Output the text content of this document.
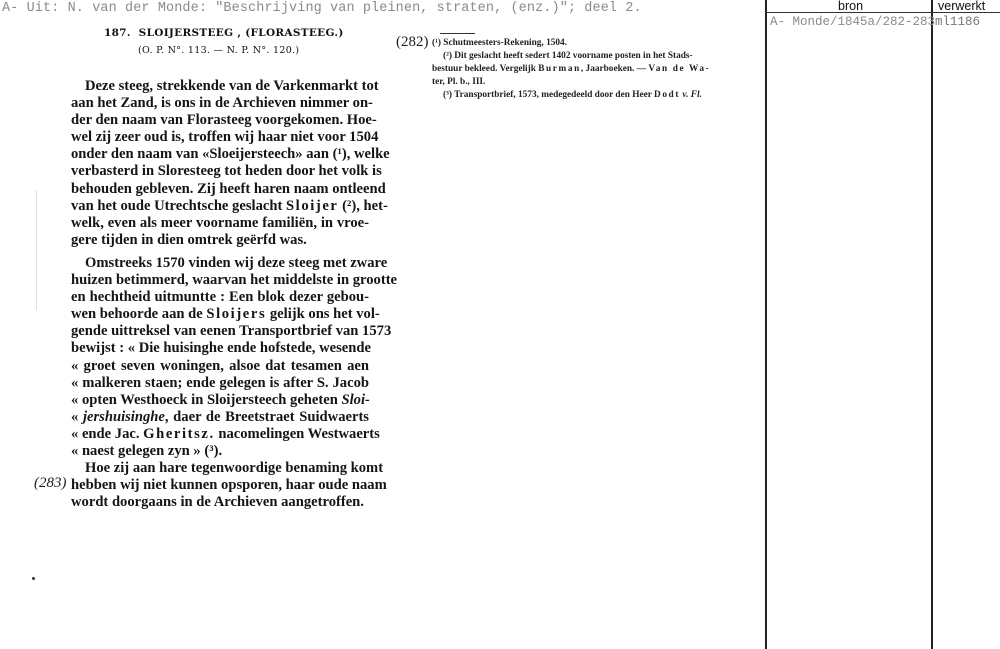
A- Uit: N. van der Monde: "Beschrijving van pleinen, straten, (enz.)"; deel 2.	bron	verwerkt
A- Monde/1845a/282-283 ml1186
187.  SLOIJERSTEEG , (FLORASTEEG.)
(O. P. N°. 113. — N. P. N°. 120.)
(282)
(283)
Deze steeg, strekkende van de Varkenmarkt tot
aan het Zand, is ons in de Archieven nimmer on-
der den naam van Florasteeg voorgekomen. Hoe-
wel zij zeer oud is, troffen wij haar niet voor 1504
onder den naam van «Sloeijersteech» aan (¹), welke
verbasterd in Sloresteeg tot heden door het volk is
behouden gebleven. Zij heeft haren naam ontleend
van het oude Utrechtsche geslacht Sloijer (²), het-
welk, even als meer voorname familiën, in vroe-
gere tijden in dien omtrek geërfd was.
Omstreeks 1570 vinden wij deze steeg met zware
huizen betimmerd, waarvan het middelste in grootte
en hechtheid uitmuntte : Een blok dezer gebou-
wen behoorde aan de Sloijers gelijk ons het vol-
gende uittreksel van eenen Transportbrief van 1573
bewijst : « Die huisinghe ende hofstede, wesende
« groet seven woningen, alsoe dat tesamen aen
« malkeren staen; ende gelegen is after S. Jacob
« opten Westhoeck in Sloijersteech geheten Sloi-
« jershuisinghe, daer de Breetstraet Suidwaerts
« ende Jac. Gheritsz. nacomelingen Westwaerts
« naest gelegen zyn » (³).
Hoe zij aan hare tegenwoordige benaming komt
hebben wij niet kunnen opsporen, haar oude naam
wordt doorgaans in de Archieven aangetroffen.
(¹) Schutmeesters-Rekening, 1504.
(²) Dit geslacht heeft sedert 1402 voorname posten in het Stads-
bestuur bekleed. Vergelijk Burman, Jaarboeken. — Van de Wa-
ter, Pl. b., III.
(³) Transportbrief, 1573, medegedeeld door den Heer Dodt v. Fl.
